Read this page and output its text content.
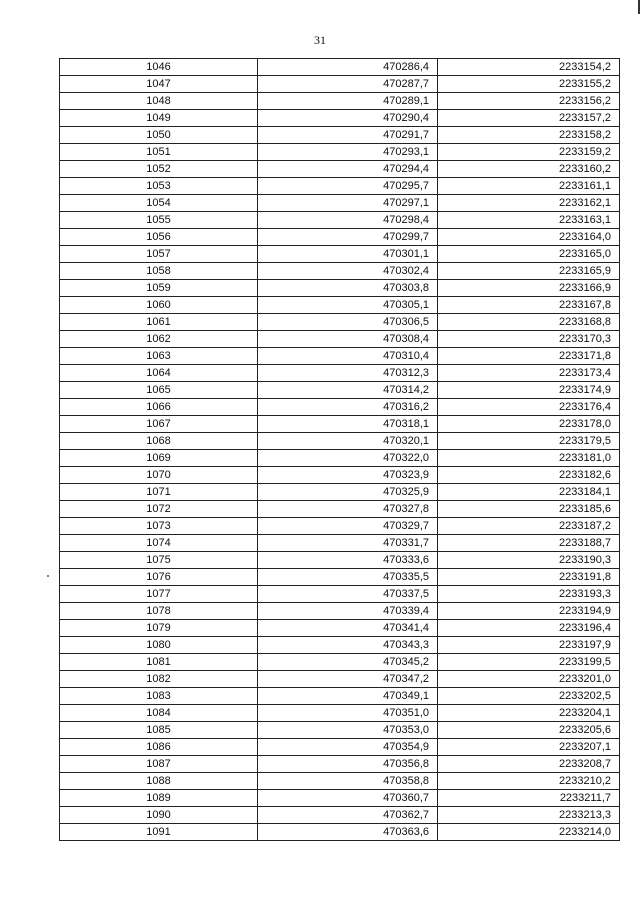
31
1046	470286,4	2233154,2
1047	470287,7	2233155,2
1048	470289,1	2233156,2
1049	470290,4	2233157,2
1050	470291,7	2233158,2
1051	470293,1	2233159,2
1052	470294,4	2233160,2
1053	470295,7	2233161,1
1054	470297,1	2233162,1
1055	470298,4	2233163,1
1056	470299,7	2233164,0
1057	470301,1	2233165,0
1058	470302,4	2233165,9
1059	470303,8	2233166,9
1060	470305,1	2233167,8
1061	470306,5	2233168,8
1062	470308,4	2233170,3
1063	470310,4	2233171,8
1064	470312,3	2233173,4
1065	470314,2	2233174,9
1066	470316,2	2233176,4
1067	470318,1	2233178,0
1068	470320,1	2233179,5
1069	470322,0	2233181,0
1070	470323,9	2233182,6
1071	470325,9	2233184,1
1072	470327,8	2233185,6
1073	470329,7	2233187,2
1074	470331,7	2233188,7
1075	470333,6	2233190,3
1076	470335,5	2233191,8
1077	470337,5	2233193,3
1078	470339,4	2233194,9
1079	470341,4	2233196,4
1080	470343,3	2233197,9
1081	470345,2	2233199,5
1082	470347,2	2233201,0
1083	470349,1	2233202,5
1084	470351,0	2233204,1
1085	470353,0	2233205,6
1086	470354,9	2233207,1
1087	470356,8	2233208,7
1088	470358,8	2233210,2
1089	470360,7	2233211,7
1090	470362,7	2233213,3
1091	470363,6	2233214,0
